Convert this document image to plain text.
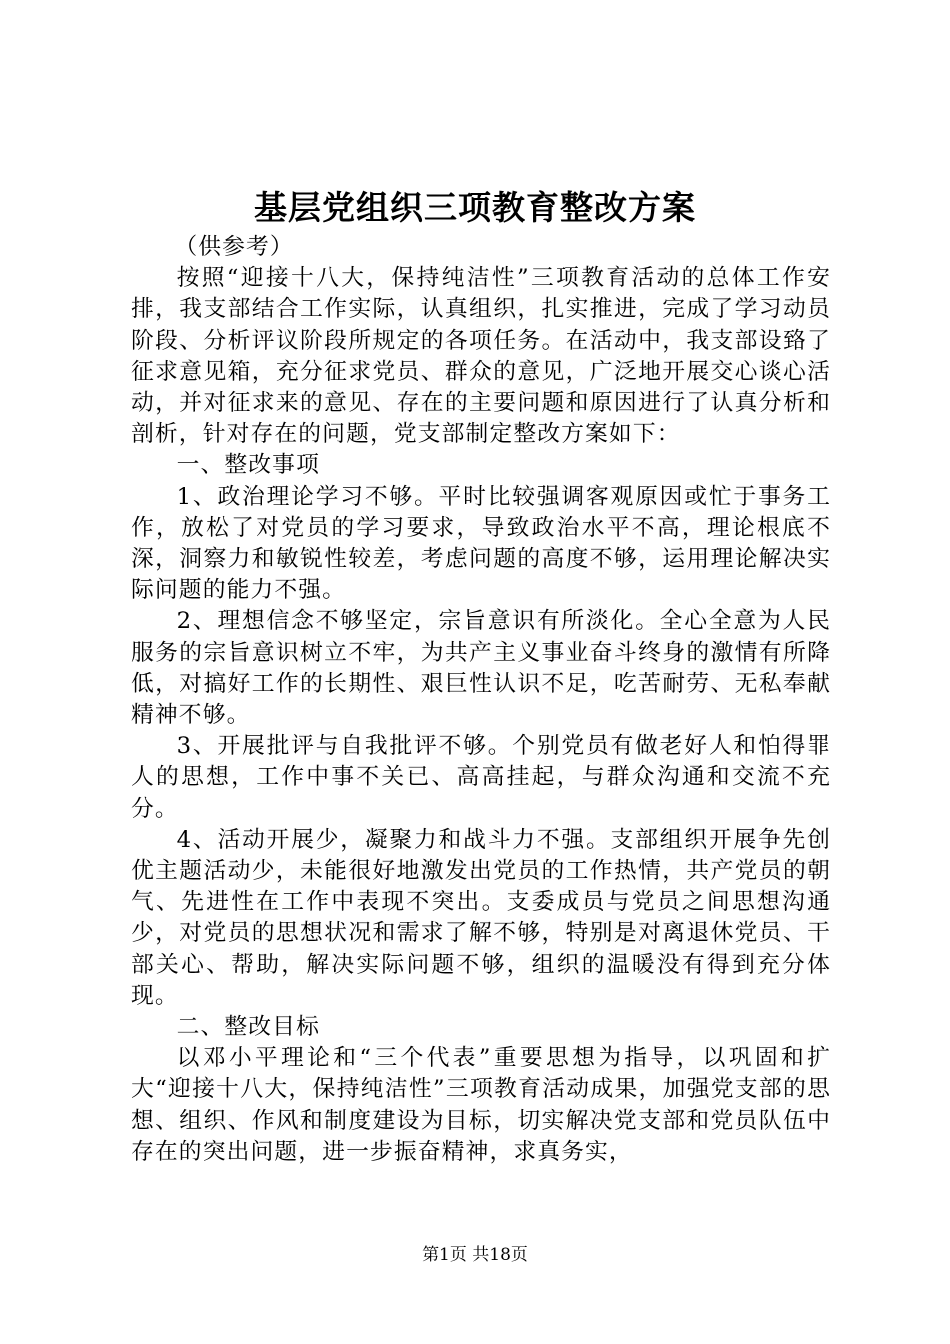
基层党组织三项教育整改方案

（供参考）

按照“迎接十八大，保持纯洁性”三项教育活动的总体工作安排，我支部结合工作实际，认真组织，扎实推进，完成了学习动员阶段、分析评议阶段所规定的各项任务。在活动中，我支部设臵了征求意见箱，充分征求党员、群众的意见，广泛地开展交心谈心活动，并对征求来的意见、存在的主要问题和原因进行了认真分析和剖析，针对存在的问题，党支部制定整改方案如下：

一、整改事项

1、政治理论学习不够。平时比较强调客观原因或忙于事务工作，放松了对党员的学习要求，导致政治水平不高，理论根底不深，洞察力和敏锐性较差，考虑问题的高度不够，运用理论解决实际问题的能力不强。

2、理想信念不够坚定，宗旨意识有所淡化。全心全意为人民服务的宗旨意识树立不牢，为共产主义事业奋斗终身的激情有所降低，对搞好工作的长期性、艰巨性认识不足，吃苦耐劳、无私奉献精神不够。

3、开展批评与自我批评不够。个别党员有做老好人和怕得罪人的思想，工作中事不关已、高高挂起，与群众沟通和交流不充分。

4、活动开展少，凝聚力和战斗力不强。支部组织开展争先创优主题活动少，未能很好地激发出党员的工作热情，共产党员的朝气、先进性在工作中表现不突出。支委成员与党员之间思想沟通少，对党员的思想状况和需求了解不够，特别是对离退休党员、干部关心、帮助，解决实际问题不够，组织的温暖没有得到充分体现。

二、整改目标

以邓小平理论和“三个代表”重要思想为指导，以巩固和扩大“迎接十八大，保持纯洁性”三项教育活动成果，加强党支部的思想、组织、作风和制度建设为目标，切实解决党支部和党员队伍中存在的突出问题，进一步振奋精神，求真务实，

第1页 共18页
